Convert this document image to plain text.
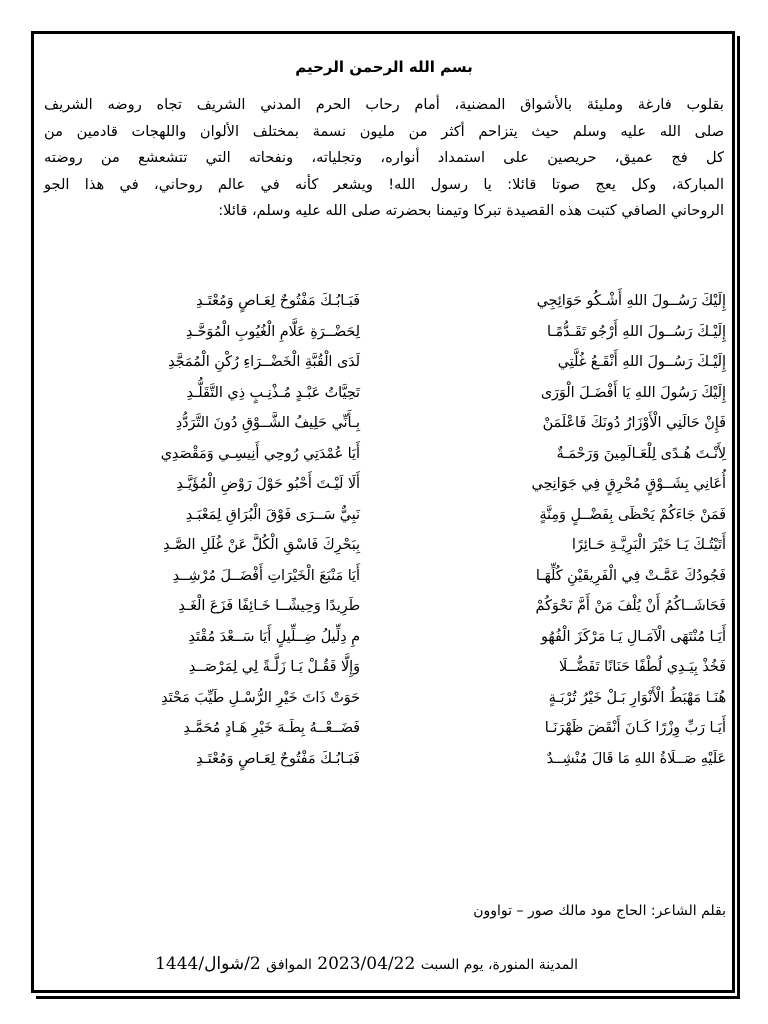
بسم الله الرحمن الرحيم
بقلوب فارغة ومليئة بالأشواق المضنية، أمام رحاب الحرم المدني الشريف تجاه روضه الشريف
صلى الله عليه وسلم حيث يتزاحم أكثر من مليون نسمة بمختلف الألوان واللهجات قادمين من
كل فج عميق، حريصين على استمداد أنواره، وتجلياته، ونفحاته التي تتشعشع من روضته
المباركة، وكل يعج صوتا قائلا: يا رسول الله! ويشعر كأنه في عالم روحاني، في هذا الجو
الروحاني الصافي كتبت هذه القصيدة تبركا وتيمنا بحضرته صلى الله عليه وسلم، قائلا:
إِلَيْكَ رَسُــولَ اللهِ أَشْـكُو حَوَائِجِي
فَبَـابُـكَ مَفْتُوحٌ لِعَـاصٍ وَمُعْتَـدِ
إِلَيْـكَ رَسُــولَ اللهِ أَرْجُو تَقَـدُّمًـا
لِحَضْــرَةِ عَلَّامِ الْغُيُوبِ الْمُوَحَّـدِ
إِلَيْـكَ رَسُــولَ اللهِ أَنْقَـعُ غُلَّتِي
لَدَى الْقُبَّةِ الْخَضْــرَاءِ رُكْنِ الْمُمَجَّدِ
إِلَيْكَ رَسُولَ اللهِ يَا أَفْضَـلَ الْوَرَى
تَحِيَّاتُ عَبْـدٍ مُـذْنِـبٍ ذِي التَّقَلُّـدِ
فَإِنْ حَالَنِي الْأَوْزَارُ دُونَكَ فَاعْلَمَنْ
بِـأَنِّي حَلِيفُ الشَّــوْقِ دُونَ التَّرَدُّدِ
لِأَنْـتَ هُـدًى لِلْعَـالَمِينَ وَرَحْمَـةٌ
أَيَا عُمْدَتِي رُوحِي أَنِيسِـي وَمَقْصَدِي
أُعَانِي بِشَــوْقٍ مُحْرِقٍ فِي جَوَانِحِي
أَلَا لَيْـتَ أَحْبُو حَوْلَ رَوْضِ الْمُؤَيَّـدِ
فَمَنْ جَاءَكُمْ يَحْظَى بِفَضْــلٍ وَمِنَّةٍ
نَبِيٌّ سَــرَى فَوْقَ الْبُرَاقِ لِمَعْبَـدِ
أَتَيْتُـكَ يَـا خَيْرَ الْبَرِيَّـةِ حَـائِرًا
بِبَحْرِكَ فَاسْقِ الْكُلَّ عَنْ غُلَلِ الصَّـدِ
فَجُودُكَ عَمَّـتْ فِي الْفَرِيقَيْنِ كُلِّهَـا
أَيَا مَنْبَعَ الْخَيْرَاتِ أَفْضَــلَ مُرْشِــدِ
فَحَاشَــاكُمُ أَنْ يُلْفَ مَنْ أَمَّ نَحْوَكُمْ
طَرِيدًا وَحِيشًــا خَـائِفًا فَزَعَ الْغَـدِ
أَيَـا مُنْتَهَى الْآمَـالِ يَـا مَرْكَزَ الْفُهُو
مِ دِلِّيلُ ضِــلِّيلٍ أَيَا سَــعْدَ مُقْتَدِ
فَخُذْ بِيَـدِي لُطْفًا حَنَانًا تَفَضُّــلَا
وَإِلَّا فَقُـلْ يَـا زَلَّـةً لِي لِمَرْصَــدِ
هُنَـا مَهْبَطُ الْأَنْوَارِ بَـلْ خَيْرُ تُرْبَـةٍ
حَوَتْ ذَاتَ خَيْرِ الرُّسْـلِ طَيِّبَ مَحْتَدِ
أَيَـا رَبِّ وِزْرًا كَـانَ أَنْقَضَ ظَهْرَنَـا
فَضَــعْــهُ بِطَـهَ خَيْرِ هَـادٍ مُحَمَّـدِ
عَلَيْهِ صَــلَاةُ اللهِ مَا قَالَ مُنْشِــدٌ
فَبَـابُـكَ مَفْتُوحٌ لِعَـاصٍ وَمُعْتَـدِ
بقلم الشاعر: الحاج مود مالك صور – تواوون
المدينة المنورة، يوم السبت 2023/04/22 الموافق 2/شوال/1444
